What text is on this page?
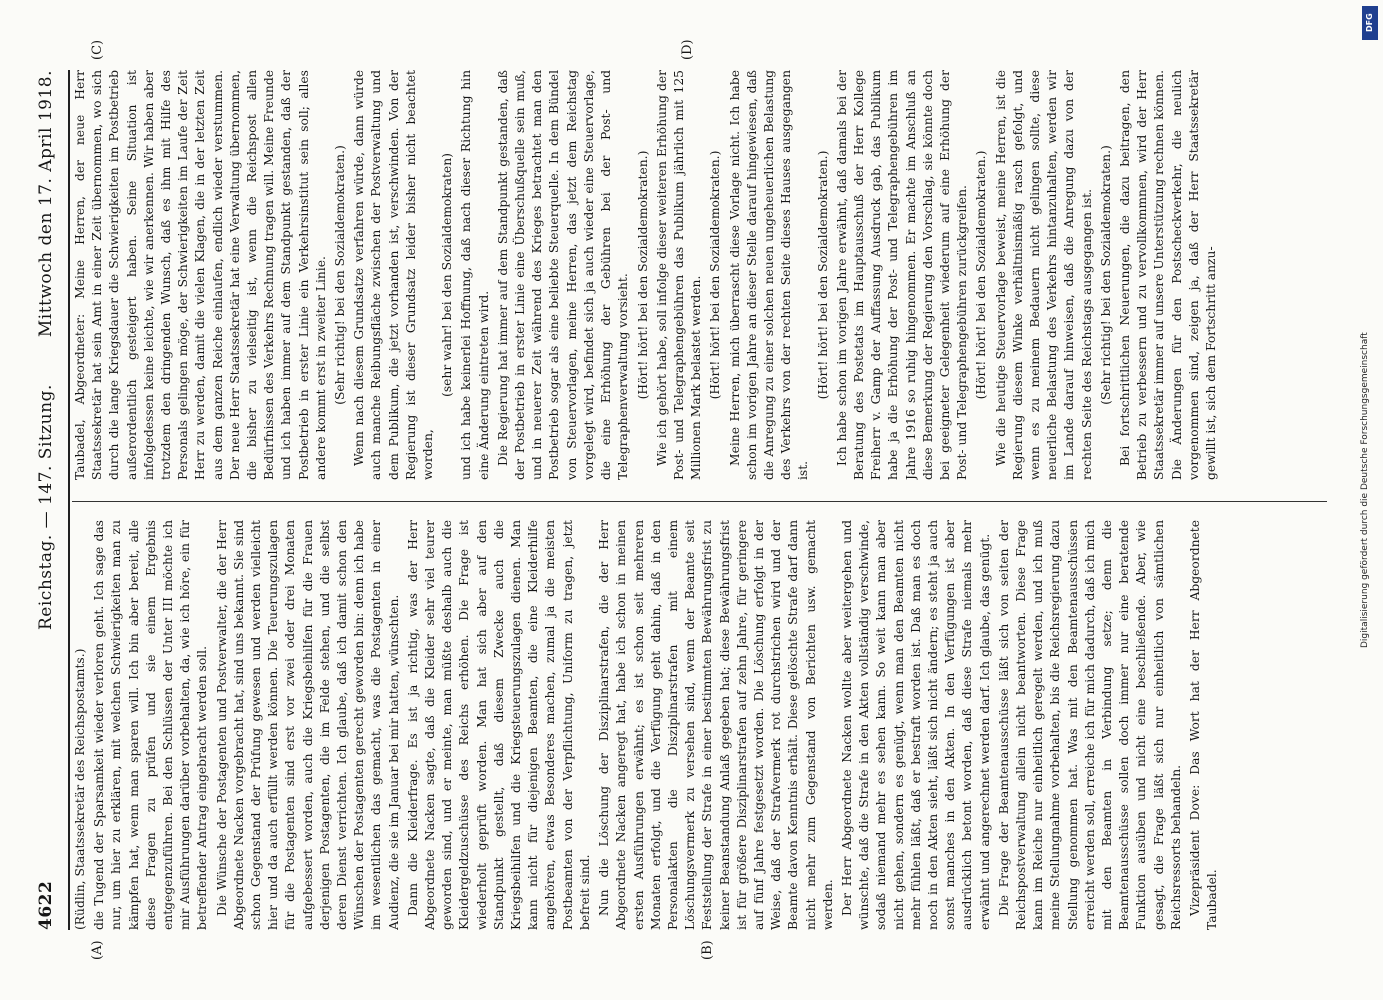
4622
Reichstag. — 147. Sitzung.
Mittwoch den 17. April 1918.
(A)	(B)
(C)	(D)

(Rüdlin, Staatssekretär des Reichspostamts.) die Tugend der Sparsamkeit wieder verloren geht. Ich sage das nur, um hier zu erklären, mit welchen Schwierigkeiten man zu kämpfen hat, wenn man sparen will. Ich bin aber bereit, alle diese Fragen zu prüfen und sie einem Ergebnis entgegenzuführen. Bei den Schlüssen der Unter III möchte ich mir Ausführungen darüber vorbehalten, da, wie ich höre, ein für betreffender Antrag eingebracht werden soll. Die Wünsche der Postagenten und Postverwalter, die der Herr Abgeordnete Nacken vorgebracht hat, sind uns bekannt. Sie sind schon Gegenstand der Prüfung gewesen und werden vielleicht hier und da auch erfüllt werden können. Die Teuerungszulagen für die Postagenten sind erst vor zwei oder drei Monaten aufgebessert worden, auch die Kriegsbeihilfen für die Frauen derjenigen Postagenten, die im Felde stehen, und die selbst deren Dienst verrichten. Ich glaube, daß ich damit schon den Wünschen der Postagenten gerecht geworden bin: denn ich habe im wesentlichen das gemacht, was die Postagenten in einer Audienz, die sie im Januar bei mir hatten, wünschten. Dann die Kleiderfrage. Es ist ja richtig, was der Herr Abgeordnete Nacken sagte, daß die Kleider sehr viel teurer geworden sind, und er meinte, man müßte deshalb auch die Kleidergeldzuschüsse des Reichs erhöhen. Die Frage ist wiederholt geprüft worden. Man hat sich aber auf den Standpunkt gestellt, daß diesem Zwecke auch die Kriegsbeihilfen und die Kriegsteuerungszulagen dienen. Man kann nicht für diejenigen Beamten, die eine Kleiderhilfe angehören, etwas Besonderes machen, zumal ja die meisten Postbeamten von der Verpflichtung, Uniform zu tragen, jetzt befreit sind. Nun die Löschung der Disziplinarstrafen, die der Herr Abgeordnete Nacken angeregt hat, habe ich schon in meinen ersten Ausführungen erwähnt; es ist schon seit mehreren Monaten erfolgt, und die Verfügung geht dahin, daß in den Personalakten die Disziplinarstrafen mit einem Löschungsvermerk zu versehen sind, wenn der Beamte seit Feststellung der Strafe in einer bestimmten Bewährungsfrist zu keiner Beanstandung Anlaß gegeben hat; diese Bewährungsfrist ist für größere Disziplinarstrafen auf zehn Jahre, für geringere auf fünf Jahre festgesetzt worden. Die Löschung erfolgt in der Weise, daß der Strafvermerk rot durchstrichen wird und der Beamte davon Kenntnis erhält. Diese gelöschte Strafe darf dann nicht mehr zum Gegenstand von Berichten usw. gemacht werden. Der Herr Abgeordnete Nacken wollte aber weitergehen und wünschte, daß die Strafe in den Akten vollständig verschwinde, sodaß niemand mehr es sehen kann. So weit kann man aber nicht gehen, sondern es genügt, wenn man den Beamten nicht mehr fühlen läßt, daß er bestraft worden ist. Daß man es doch noch in den Akten sieht, läßt sich nicht ändern; es steht ja auch sonst manches in den Akten. In den Verfügungen ist aber ausdrücklich betont worden, daß diese Strafe niemals mehr erwähnt und angerechnet werden darf. Ich glaube, das genügt. Die Frage der Beamtenausschüsse läßt sich von seiten der Reichspostverwaltung allein nicht beantworten. Diese Frage kann im Reiche nur einheitlich geregelt werden, und ich muß meine Stellungnahme vorbehalten, bis die Reichsregierung dazu Stellung genommen hat. Was mit den Beamtenausschüssen erreicht werden soll, erreiche ich für mich dadurch, daß ich mich mit den Beamten in Verbindung setze; denn die Beamtenausschüsse sollen doch immer nur eine beratende Funktion ausüben und nicht eine beschließende. Aber, wie gesagt, die Frage läßt sich nur einheitlich von sämtlichen Reichsressorts behandeln. Vizepräsident Dove: Das Wort hat der Herr Abgeordnete Taubadel.

Taubadel, Abgeordneter: Meine Herren, der neue Herr Staatssekretär hat sein Amt in einer Zeit übernommen, wo sich durch die lange Kriegsdauer die Schwierigkeiten im Postbetrieb außerordentlich gesteigert haben. Seine Situation ist infolgedessen keine leichte, wie wir anerkennen. Wir haben aber trotzdem den dringenden Wunsch, daß es ihm mit Hilfe des Personals gelingen möge, der Schwierigkeiten im Laufe der Zeit Herr zu werden, damit die vielen Klagen, die in der letzten Zeit aus dem ganzen Reiche einlaufen, endlich wieder verstummen. Der neue Herr Staatssekretär hat eine Verwaltung übernommen, die bisher zu vielseitig ist, wenn die Reichspost allen Bedürfnissen des Verkehrs Rechnung tragen will. Meine Freunde und ich haben immer auf dem Standpunkt gestanden, daß der Postbetrieb in erster Linie ein Verkehrsinstitut sein soll; alles andere kommt erst in zweiter Linie. (Sehr richtig! bei den Sozialdemokraten.) Wenn nach diesem Grundsatze verfahren würde, dann würde auch manche Reibungsfläche zwischen der Postverwaltung und dem Publikum, die jetzt vorhanden ist, verschwinden. Von der Regierung ist dieser Grundsatz leider bisher nicht beachtet worden,

(sehr wahr! bei den Sozialdemokraten) und ich habe keinerlei Hoffnung, daß nach dieser Richtung hin eine Änderung eintreten wird. Die Regierung hat immer auf dem Standpunkt gestanden, daß der Postbetrieb in erster Linie eine Überschußquelle sein muß, und in neuerer Zeit während des Krieges betrachtet man den Postbetrieb sogar als eine beliebte Steuerquelle. In dem Bündel von Steuervorlagen, meine Herren, das jetzt dem Reichstag vorgelegt wird, befindet sich ja auch wieder eine Steuervorlage, die eine Erhöhung der Gebühren bei der Post- und Telegraphenverwaltung vorsieht. (Hört! hört! bei den Sozialdemokraten.) Wie ich gehört habe, soll infolge dieser weiteren Erhöhung der Post- und Telegraphengebühren das Publikum jährlich mit 125 Millionen Mark belastet werden. (Hört! hört! bei den Sozialdemokraten.) Meine Herren, mich überrascht diese Vorlage nicht. Ich habe schon im vorigen Jahre an dieser Stelle darauf hingewiesen, daß die Anregung zu einer solchen neuen ungeheuerlichen Belastung des Verkehrs von der rechten Seite dieses Hauses ausgegangen ist.

(Hört! hört! bei den Sozialdemokraten.) Ich habe schon im vorigen Jahre erwähnt, daß damals bei der Beratung des Postetats im Hauptausschuß der Herr Kollege Freiherr v. Gamp der Auffassung Ausdruck gab, das Publikum habe ja die Erhöhung der Post- und Telegraphengebühren im Jahre 1916 so ruhig hingenommen. Er machte im Anschluß an diese Bemerkung der Regierung den Vorschlag, sie könnte doch bei geeigneter Gelegenheit wiederum auf eine Erhöhung der Post- und Telegraphengebühren zurückgreifen. (Hört! hört! bei den Sozialdemokraten.) Wie die heutige Steuervorlage beweist, meine Herren, ist die Regierung diesem Winke verhältnismäßig rasch gefolgt, und wenn es zu meinem Bedauern nicht gelingen sollte, diese neuerliche Belastung des Verkehrs hintanzuhalten, werden wir im Lande darauf hinweisen, daß die Anregung dazu von der rechten Seite des Reichstags ausgegangen ist. (Sehr richtig! bei den Sozialdemokraten.) Bei fortschrittlichen Neuerungen, die dazu beitragen, den Betrieb zu verbessern und zu vervollkommnen, wird der Herr Staatssekretär immer auf unsere Unterstützung rechnen können. Die Änderungen für den Postscheckverkehr, die neulich vorgenommen sind, zeigen ja, daß der Herr Staatssekretär gewillt ist, sich dem Fortschritt anzu-

DFG
Digitalisierung gefördert durch die Deutsche Forschungsgemeinschaft
